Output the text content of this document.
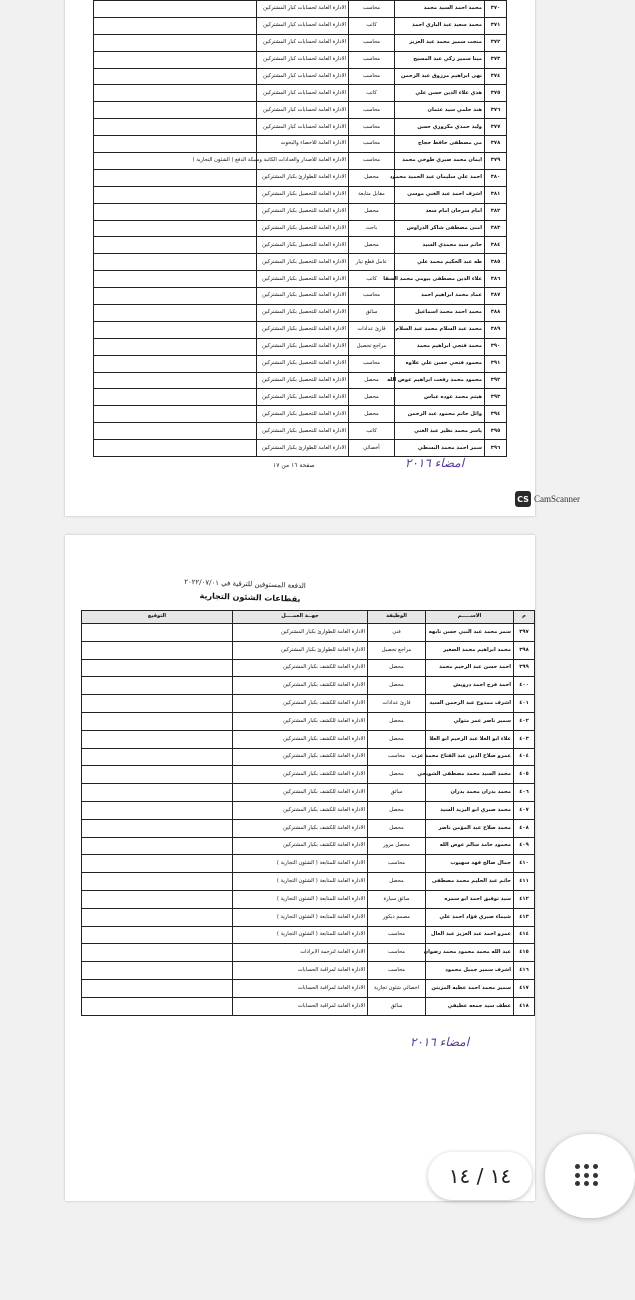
٣٧٠	محمد احمد السيد محمد	محاسب	الادارة العامة لحسابات كبار المشتركين	
٣٧١	محمد سعيد عبد الباري احمد	كاتب	الادارة العامة لحسابات كبار المشتركين	
٣٧٢	منحت سمير محمد عبد العزيز	محاسب	الادارة العامة لحسابات كبار المشتركين	
٣٧٣	مينا سمير زكي عبد المسيح	محاسب	الادارة العامة لحسابات كبار المشتركين	
٣٧٤	نهى ابراهيم مرزوق عبد الرحمن	محاسب	الادارة العامة لحسابات كبار المشتركين	
٣٧٥	هدي علاء الدين حسن علي	كاتب	الادارة العامة لحسابات كبار المشتركين	
٣٧٦	هند حلمي سيد عثمان	محاسب	الادارة العامة لحسابات كبار المشتركين	
٣٧٧	وليد حمدي مكروري حسن	محاسب	الادارة العامة لحسابات كبار المشتركين	
٣٧٨	مي مصطفى حافظ حجاج	محاسب	الادارة العامة للاحصاء والبحوث	
٣٧٩	ايمان محمد صبري طوخي محمد	محاسب	الادارة العامة للاصدار والعدادات الكاتبة وسبكة الدفع ( الشئون التجارية )	
٣٨٠	احمد علي سليمان عبد الحميد محمود	محصل	الادارة العامة للطوارئ بكبار المشتركين	
٣٨١	اشرف احمد عبد الغني موسى	مقابل متابعة	الادارة العامة للتحصيل بكبار المشتركين	
٣٨٢	امام سرحان امام سعد	محصل	الادارة العامة للتحصيل بكبار المشتركين	
٣٨٣	امنى مصطفى شاكر الدراوس	باحث	الادارة العامة للتحصيل بكبار المشتركين	
٣٨٤	حاتم سيد محمدي السيد	محصل	الادارة العامة للتحصيل بكبار المشتركين	
٣٨٥	طه عبد الحكيم محمد علي	عامل قطع تيار	الادارة العامة للتحصيل بكبار المشتركين	
٣٨٦	علاء الدين مصطفى بيومي محمد السقا	كاتب	الادارة العامة للتحصيل بكبار المشتركين	
٣٨٧	عماد محمد ابراهيم احمد	محاسب	الادارة العامة للتحصيل بكبار المشتركين	
٣٨٨	محمد احمد محمد اسماعيل	سائق	الادارة العامة للتحصيل بكبار المشتركين	
٣٨٩	محمد عبد السلام محمد عبد السلام	قارئ عدادات	الادارة العامة للتحصيل بكبار المشتركين	
٣٩٠	محمد فتحي ابراهيم محمد	مراجع تحصيل	الادارة العامة للتحصيل بكبار المشتركين	
٣٩١	محمود فتحي حسن علي علاوه	محاسب	الادارة العامة للتحصيل بكبار المشتركين	
٣٩٢	محمود محمد رفعت ابراهيم عوض الله	محصل	الادارة العامة للتحصيل بكبار المشتركين	
٣٩٣	هيثم محمد عوده عباس	محصل	الادارة العامة للتحصيل بكبار المشتركين	
٣٩٤	وائل حاتم محمود عبد الرحمن	محصل	الادارة العامة للتحصيل بكبار المشتركين	
٣٩٥	ياسر محمد نظير عبد الغني	كاتب	الادارة العامة للتحصيل بكبار المشتركين	
٣٩٦	سمر احمد محمد البسطي	أخصائي	الادارة العامة للطوارئ بكبار المشتركين	
امضاء ٢٠١٦
صفحة ١٦ من ١٧
CS CamScanner
م	الاســـــم	الوظيفة	جهــة العمــــل	التوقيع
٣٩٧	سمر محمد عبد النبي حسن نابهه	فني	الادارة العامة للطوارئ بكبار المشتركين	
٣٩٨	محمد ابراهيم محمد الصغير	مراجع تحصيل	الادارة العامة للطوارئ بكبار المشتركين	
٣٩٩	احمد حسن عبد الرحيم محمد	محصل	الادارة العامة للكشف بكبار المشتركين	
٤٠٠	احمد فرج احمد درويش	محصل	الادارة العامة للكشف بكبار المشتركين	
٤٠١	اشرف ممدوح عبد الرحمن السيد	قارئ عدادات	الادارة العامة للكشف بكبار المشتركين	
٤٠٢	سمير ناصر عمر متولي	محصل	الادارة العامة للكشف بكبار المشتركين	
٤٠٣	علاء ابو العلا عبد الرحيم ابو العلا	محصل	الادارة العامة للكشف بكبار المشتركين	
٤٠٤	عمرو صلاح الدين عبد الفتاح محمد عزب	محاسب	الادارة العامة للكشف بكبار المشتركين	
٤٠٥	محمد السيد محمد مصطفى الشويحي	محصل	الادارة العامة للكشف بكبار المشتركين	
٤٠٦	محمد بدران محمد بدران	سائق	الادارة العامة للكشف بكبار المشتركين	
٤٠٧	محمد صبري ابو اليزيد السيد	محصل	الادارة العامة للكشف بكبار المشتركين	
٤٠٨	محمد صلاح عبد المؤمن ناصر	محصل	الادارة العامة للكشف بكبار المشتركين	
٤٠٩	محمود حامد سالم عوض الله	محصل مرور	الادارة العامة للكشف بكبار المشتركين	
٤١٠	جمال صالح فهد سهيوب	محاسب	الادارة العامة للمتابعة ( الشئون التجارية )	
٤١١	حاتم عبد الحليم محمد مصطفى	محصل	الادارة العامة للمتابعة ( الشئون التجارية )	
٤١٢	سيد توفيق احمد ابو سمره	سائق سيارة	الادارة العامة للمتابعة ( الشئون التجارية )	
٤١٣	شيماء صبري فؤاد احمد علي	مصمم ديكور	الادارة العامة للمتابعة ( الشئون التجارية )	
٤١٤	عمرو احمد عبد العزيز عبد العال	محاسب	الادارة العامة للمتابعة ( الشئون التجارية )	
٤١٥	عبد الله محمد محمود محمد رضوان	محاسب	الادارة العامة لترجمة الايرادات	
٤١٦	اشرف سمير جميل محمود	محاسب	الادارة العامة لمراقبة الحسابات	
٤١٧	سمير محمد احمد عطيه المزيتن	اخصائي شئون تجارية	الادارة العامة لمراقبة الحسابات	
٤١٨	عطف سيد جمعه عطيفي	سائق	الادارة العامة لمراقبة الحسابات	
امضاء ٢٠١٦
الدفعة المستوفين للترقية في ٢٠٢٢/٠٧/٠١
بقطاعات الشئون التجارية
١٤ / ١٤
